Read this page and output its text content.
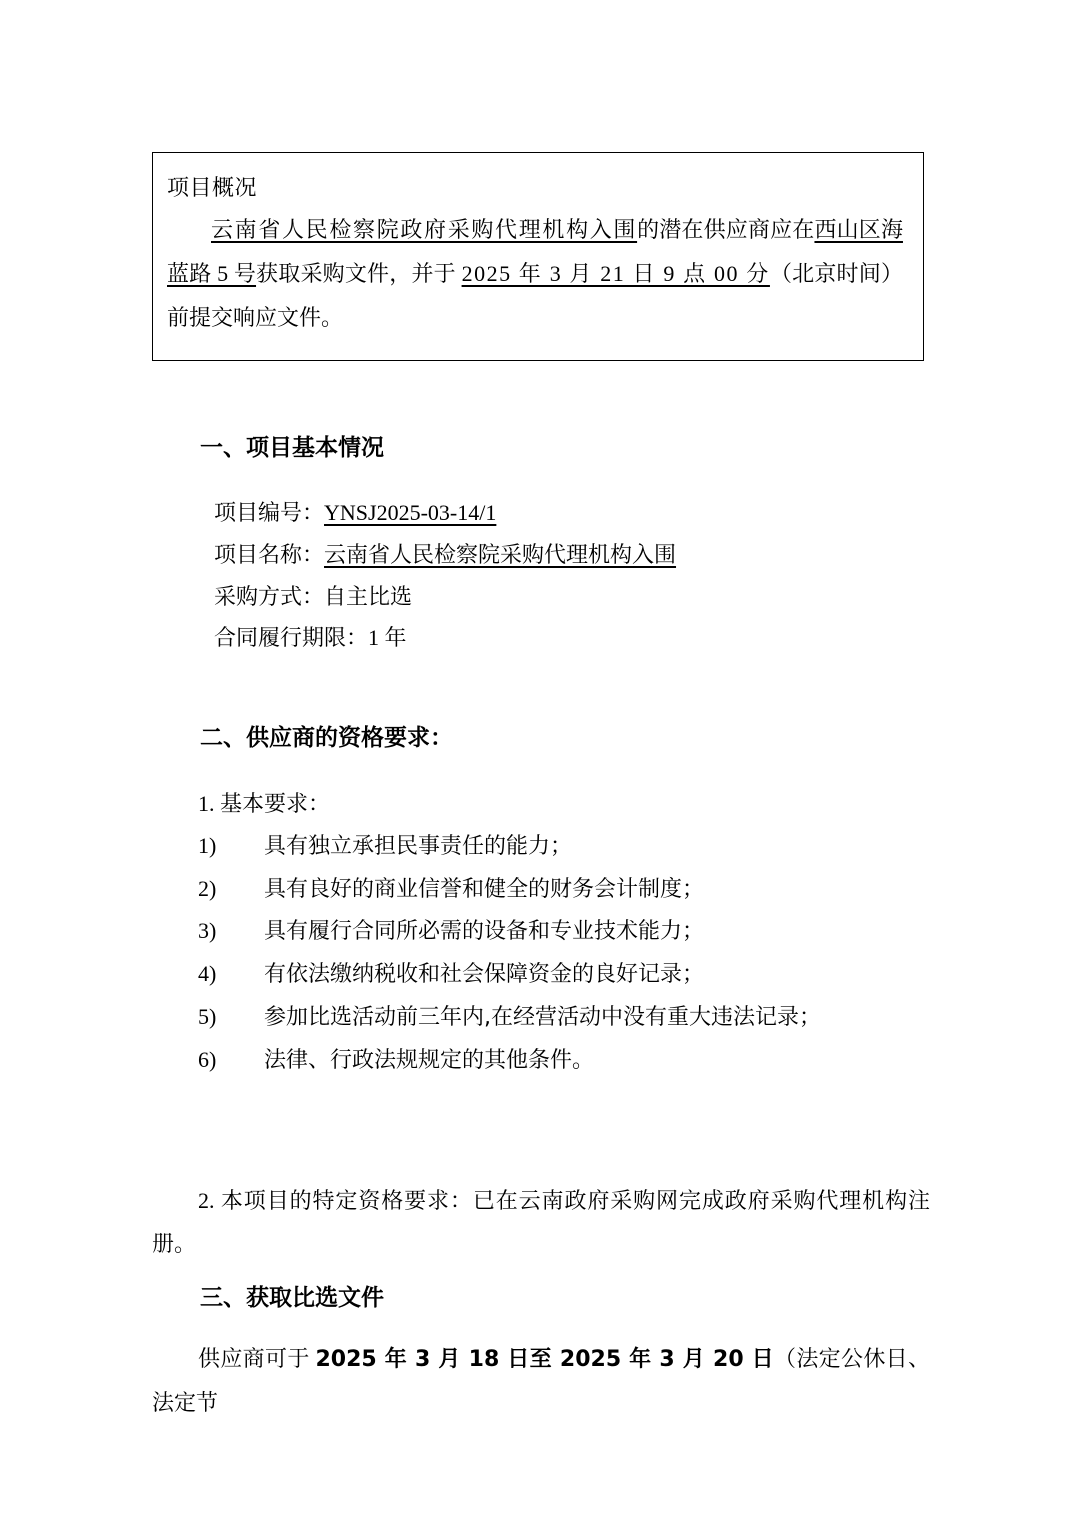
项目概况

云南省人民检察院政府采购代理机构入围的潜在供应商应在西山区海蓝路 5 号获取采购文件，并于 2025 年 3 月 21 日 9 点 00 分（北京时间）前提交响应文件。

一、项目基本情况

项目编号：YNSJ2025-03-14/1

项目名称：云南省人民检察院采购代理机构入围

采购方式：自主比选

合同履行期限：1 年

二、供应商的资格要求：

1. 基本要求：

1) 具有独立承担民事责任的能力；

2) 具有良好的商业信誉和健全的财务会计制度；

3) 具有履行合同所必需的设备和专业技术能力；

4) 有依法缴纳税收和社会保障资金的良好记录；

5) 参加比选活动前三年内,在经营活动中没有重大违法记录；

6) 法律、行政法规规定的其他条件。

2. 本项目的特定资格要求：已在云南政府采购网完成政府采购代理机构注册。

三、获取比选文件

供应商可于 2025 年 3 月 18 日至 2025 年 3 月 20 日（法定公休日、法定节
